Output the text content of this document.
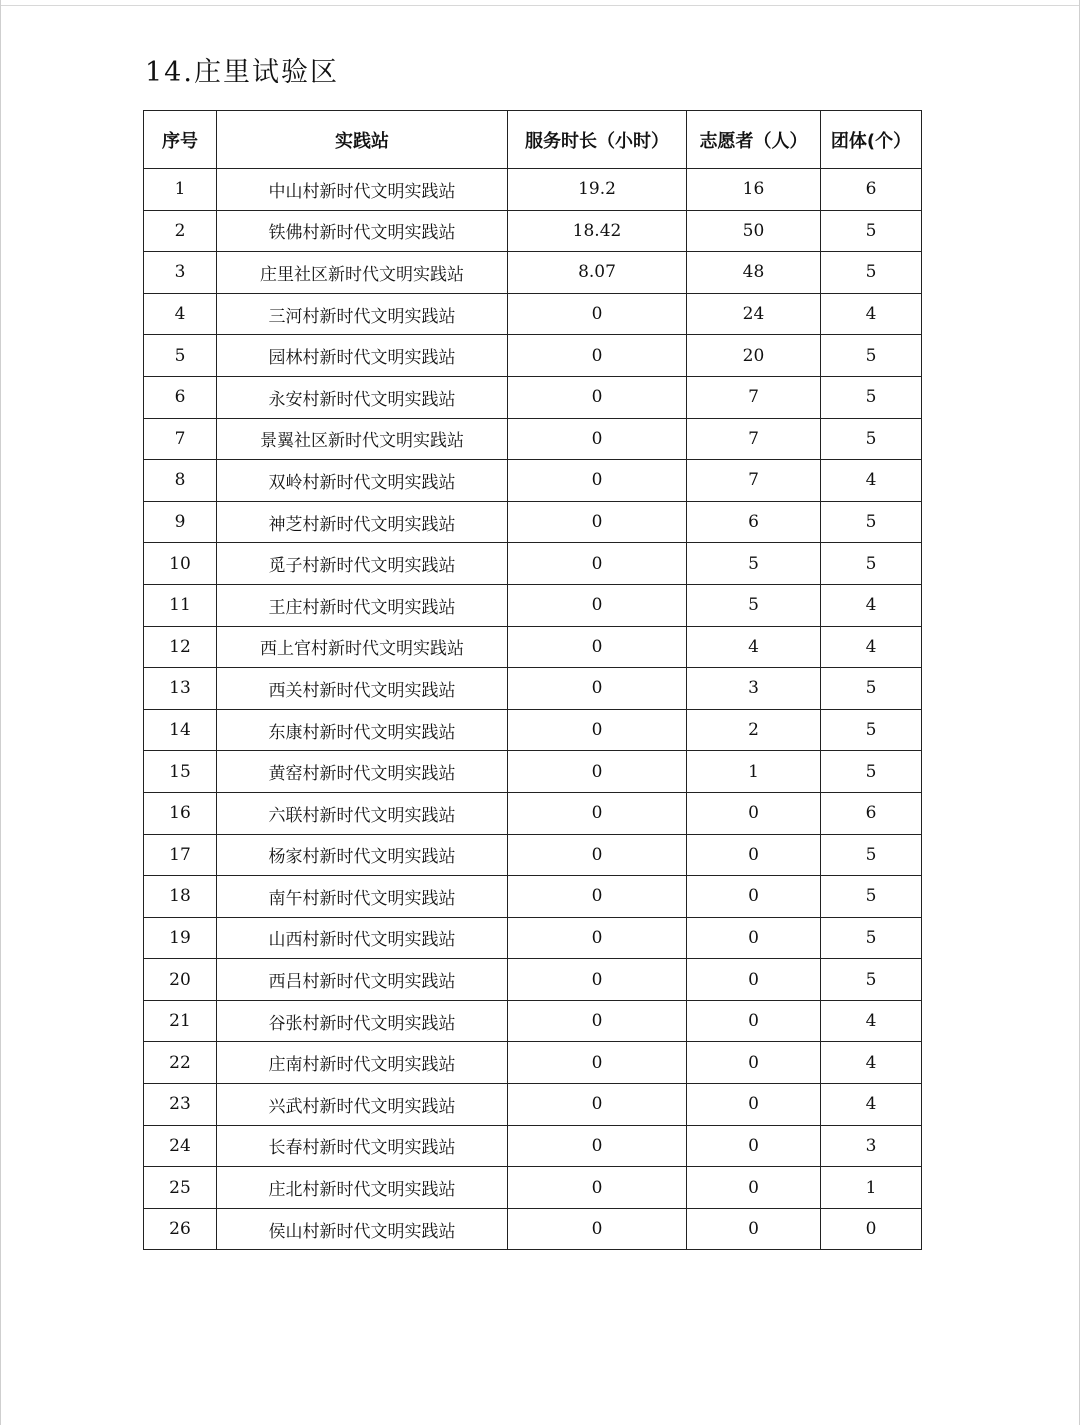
14.庄里试验区
序号	实践站	服务时长（小时）	志愿者（人）	团体(个）
1	中山村新时代文明实践站	19.2	16	6
2	铁佛村新时代文明实践站	18.42	50	5
3	庄里社区新时代文明实践站	8.07	48	5
4	三河村新时代文明实践站	0	24	4
5	园林村新时代文明实践站	0	20	5
6	永安村新时代文明实践站	0	7	5
7	景翼社区新时代文明实践站	0	7	5
8	双岭村新时代文明实践站	0	7	4
9	神芝村新时代文明实践站	0	6	5
10	觅子村新时代文明实践站	0	5	5
11	王庄村新时代文明实践站	0	5	4
12	西上官村新时代文明实践站	0	4	4
13	西关村新时代文明实践站	0	3	5
14	东康村新时代文明实践站	0	2	5
15	黄窑村新时代文明实践站	0	1	5
16	六联村新时代文明实践站	0	0	6
17	杨家村新时代文明实践站	0	0	5
18	南午村新时代文明实践站	0	0	5
19	山西村新时代文明实践站	0	0	5
20	西吕村新时代文明实践站	0	0	5
21	谷张村新时代文明实践站	0	0	4
22	庄南村新时代文明实践站	0	0	4
23	兴武村新时代文明实践站	0	0	4
24	长春村新时代文明实践站	0	0	3
25	庄北村新时代文明实践站	0	0	1
26	侯山村新时代文明实践站	0	0	0
